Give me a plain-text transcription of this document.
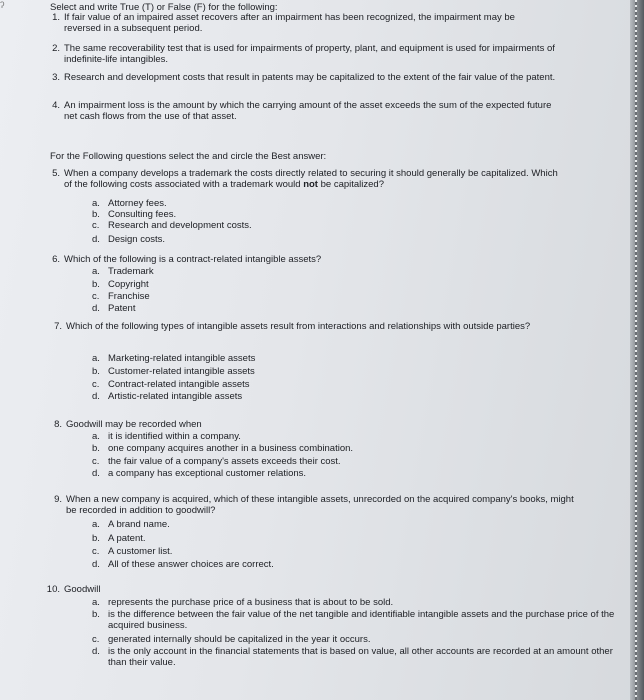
ʔ	Select and write True (T) or False (F) for the following:
1. If fair value of an impaired asset recovers after an impairment has been recognized, the impairment may be reversed in a subsequent period.
2. The same recoverability test that is used for impairments of property, plant, and equipment is used for impairments of indefinite-life intangibles.
3. Research and development costs that result in patents may be capitalized to the extent of the fair value of the patent.
4. An impairment loss is the amount by which the carrying amount of the asset exceeds the sum of the expected future net cash flows from the use of that asset.
For the Following questions select the and circle the Best answer:
5. When a company develops a trademark the costs directly related to securing it should generally be capitalized. Which of the following costs associated with a trademark would not be capitalized?
a. Attorney fees.
b. Consulting fees.
c. Research and development costs.
d. Design costs.
6. Which of the following is a contract-related intangible assets?
a. Trademark
b. Copyright
c. Franchise
d. Patent
7. Which of the following types of intangible assets result from interactions and relationships with outside parties?
a. Marketing-related intangible assets
b. Customer-related intangible assets
c. Contract-related intangible assets
d. Artistic-related intangible assets
8. Goodwill may be recorded when
a. it is identified within a company.
b. one company acquires another in a business combination.
c. the fair value of a company's assets exceeds their cost.
d. a company has exceptional customer relations.
9. When a new company is acquired, which of these intangible assets, unrecorded on the acquired company's books, might be recorded in addition to goodwill?
a. A brand name.
b. A patent.
c. A customer list.
d. All of these answer choices are correct.
10. Goodwill
a. represents the purchase price of a business that is about to be sold.
b. is the difference between the fair value of the net tangible and identifiable intangible assets and the purchase price of the acquired business.
c. generated internally should be capitalized in the year it occurs.
d. is the only account in the financial statements that is based on value, all other accounts are recorded at an amount other than their value.
